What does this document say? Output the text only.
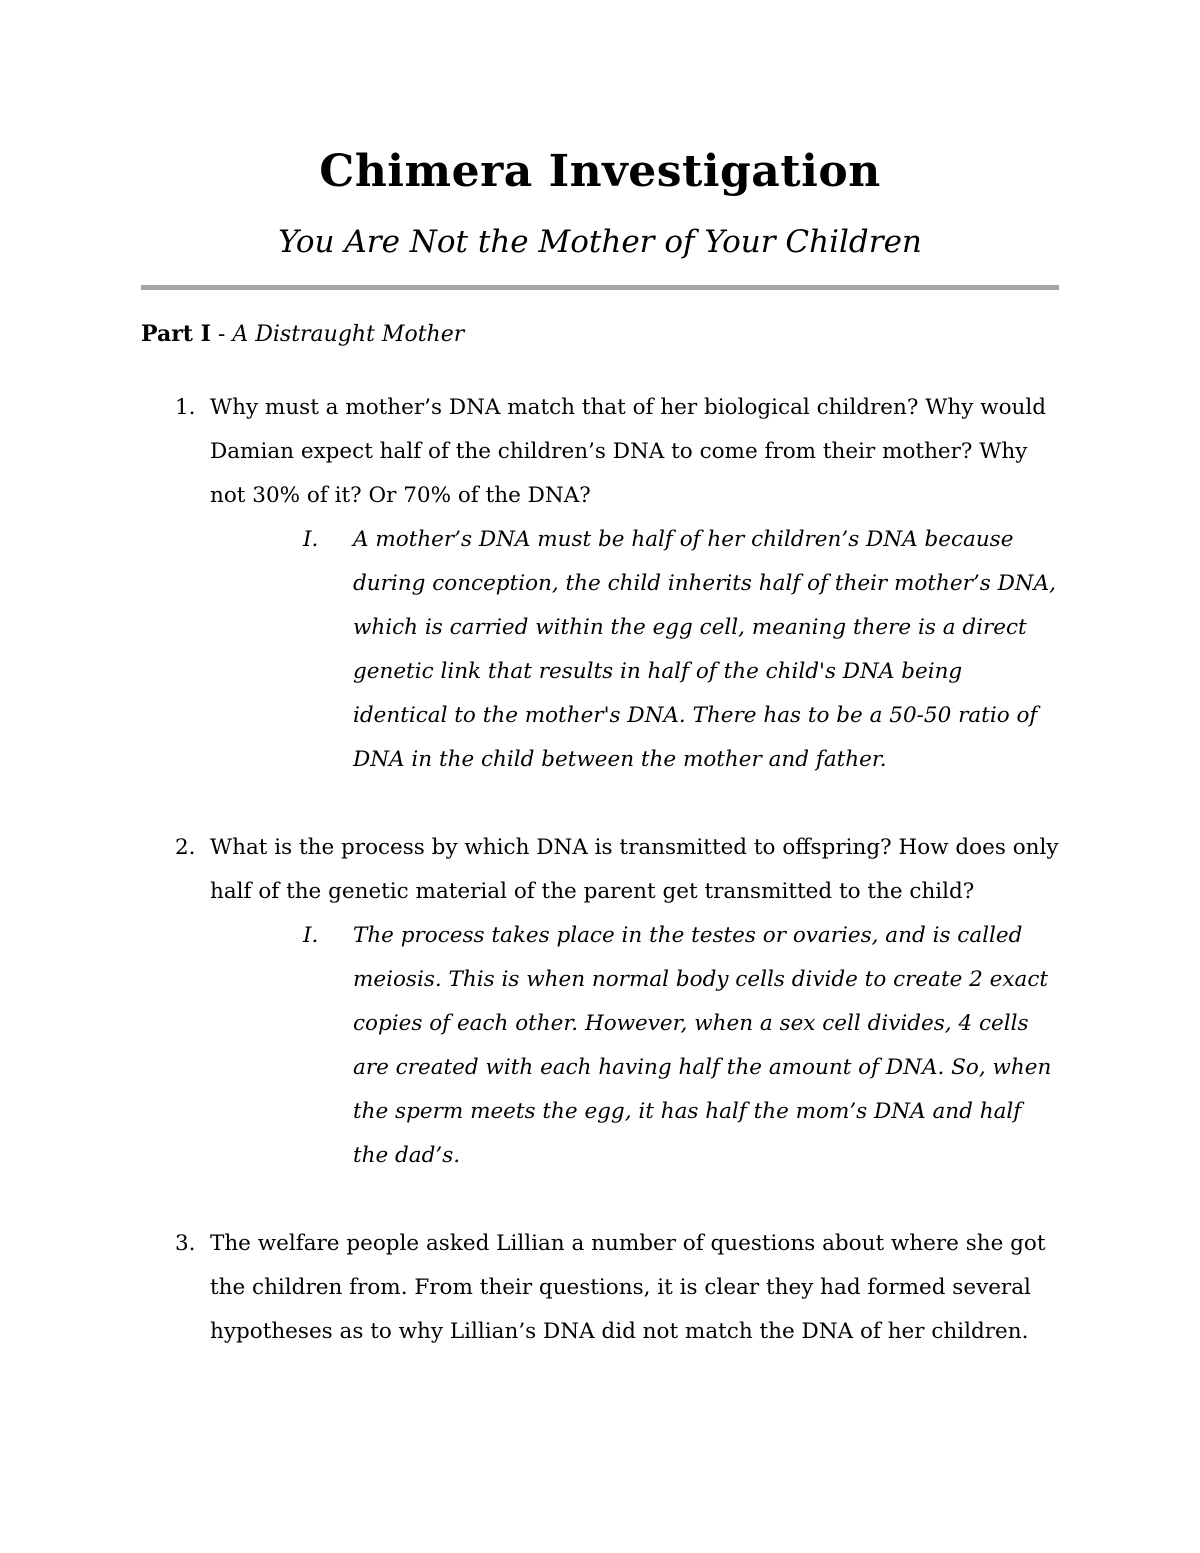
Chimera Investigation
You Are Not the Mother of Your Children
Part I - A Distraught Mother
1. Why must a mother’s DNA match that of her biological children? Why would Damian expect half of the children’s DNA to come from their mother? Why not 30% of it? Or 70% of the DNA?
I.	A mother’s DNA must be half of her children’s DNA because during conception, the child inherits half of their mother’s DNA, which is carried within the egg cell, meaning there is a direct genetic link that results in half of the child's DNA being identical to the mother's DNA. There has to be a 50-50 ratio of DNA in the child between the mother and father.
2. What is the process by which DNA is transmitted to offspring? How does only half of the genetic material of the parent get transmitted to the child?
I.	The process takes place in the testes or ovaries, and is called meiosis. This is when normal body cells divide to create 2 exact copies of each other. However, when a sex cell divides, 4 cells are created with each having half the amount of DNA. So, when the sperm meets the egg, it has half the mom’s DNA and half the dad’s.
3. The welfare people asked Lillian a number of questions about where she got the children from. From their questions, it is clear they had formed several hypotheses as to why Lillian’s DNA did not match the DNA of her children.
